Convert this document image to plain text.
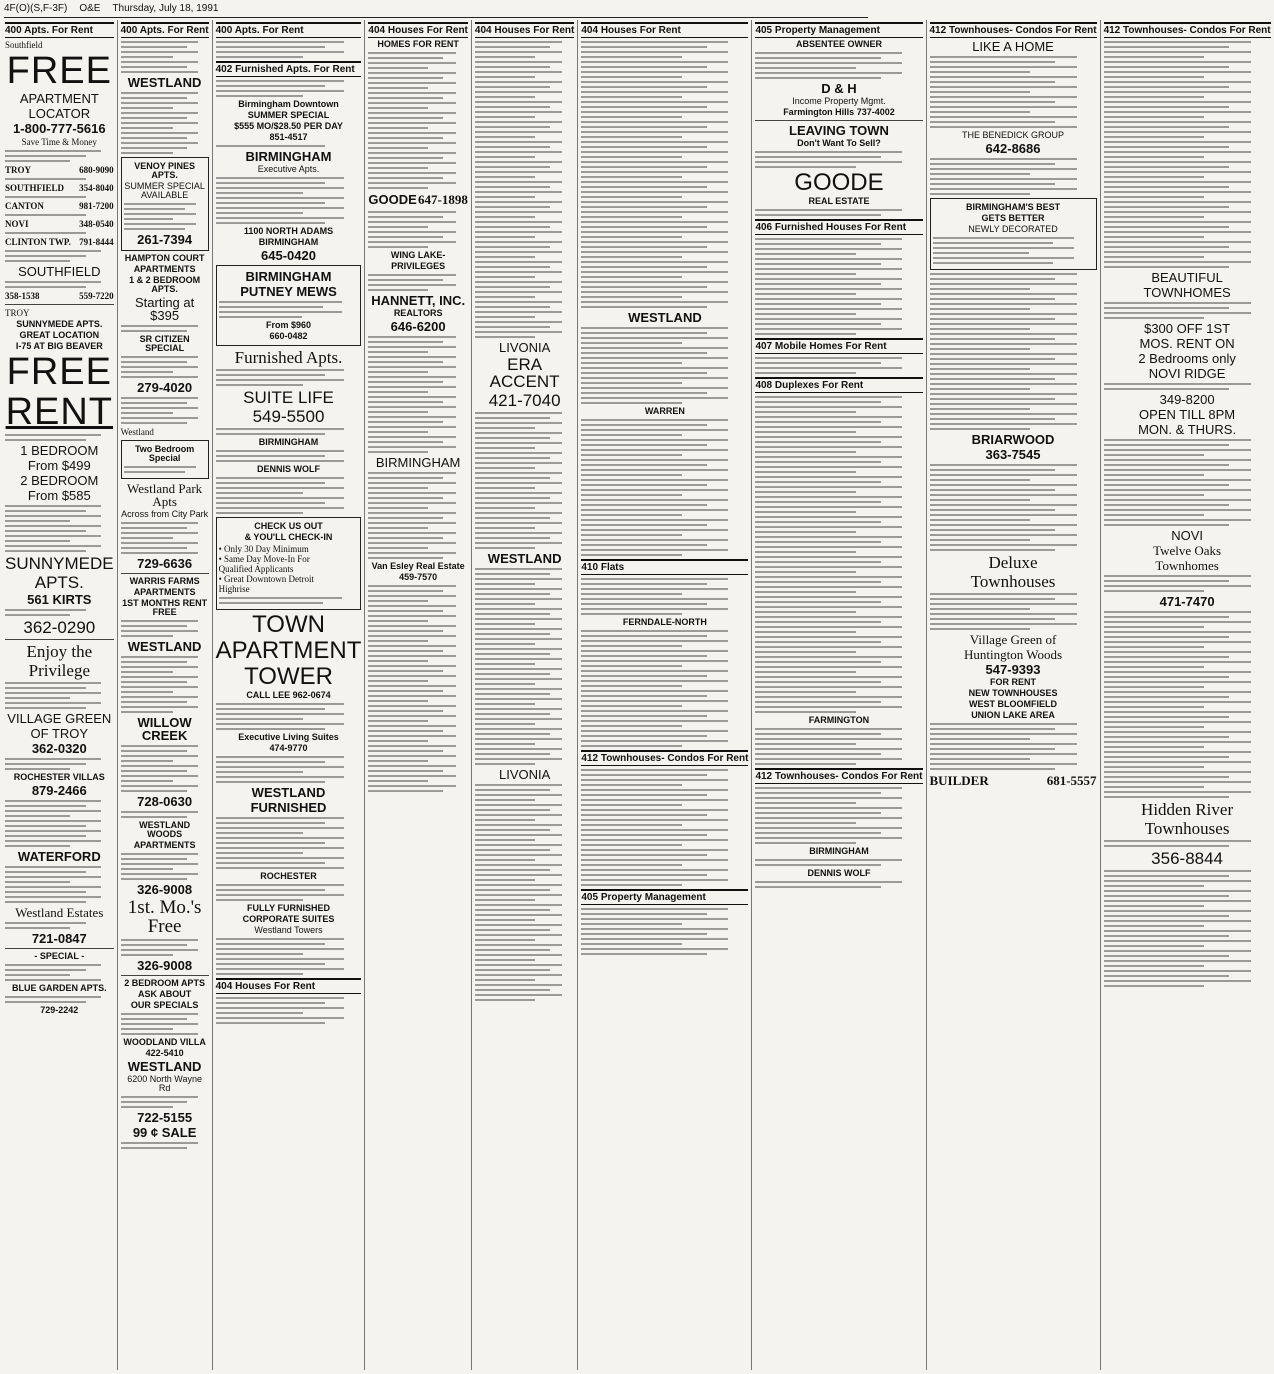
4F(O)(S,F-3F) O&E Thursday, July 18, 1991
400 Apts. For Rent
Southfield
FREE
APARTMENT
LOCATOR
1-800-777-5616
Save Time & Money
TROY	680-9090
SOUTHFIELD 354-8040
CANTON	981-7200
NOVI	348-0540
CLINTON TWP. 791-8444
SOUTHFIELD
358-1538	559-7220
TROY
SUNNYMEDE APTS.
GREAT LOCATION
I-75 AT BIG BEAVER
FREE
RENT
1 BEDROOM
From $499
2 BEDROOM
From $585
SUNNYMEDE
APTS.
561 KIRTS
362-0290
Enjoy the
Privilege
VILLAGE GREEN
OF TROY
362-0320
ROCHESTER VILLAS
879-2466
WATERFORD
Westland Estates
721-0847
- SPECIAL -
BLUE GARDEN APTS.
729-2242
400 Apts. For Rent
WESTLAND
VENOY PINES APTS.
SUMMER SPECIAL AVAILABLE
261-7394
HAMPTON COURT
APARTMENTS
1 & 2 BEDROOM APTS.
Starting at $395
SR CITIZEN SPECIAL
279-4020
Westland
Two Bedroom Special
Westland Park Apts
Across from City Park
729-6636
WARRIS FARMS
APARTMENTS
1ST MONTHS RENT FREE
WESTLAND
WILLOW CREEK
728-0630
WESTLAND WOODS
APARTMENTS
326-9008
1st. Mo.'s Free
326-9008
2 BEDROOM APTS
ASK ABOUT
OUR SPECIALS
WOODLAND VILLA
422-5410
WESTLAND
6200 North Wayne Rd
722-5155
99 ¢ SALE
400 Apts. For Rent
402 Furnished Apts. For Rent
Birmingham Downtown
SUMMER SPECIAL
$555 MO/$28.50 PER DAY
851-4517
BIRMINGHAM
Executive Apts.
1100 NORTH ADAMS
BIRMINGHAM
645-0420
BIRMINGHAM
PUTNEY MEWS
From $960
660-0482
Furnished Apts.
SUITE LIFE
549-5500
BIRMINGHAM
DENNIS WOLF
CHECK US OUT
& YOU'LL CHECK-IN
• Only 30 Day Minimum
• Same Day Move-In For
Qualified Applicants
• Great Downtown Detroit
Highrise
TOWN
APARTMENT
TOWER
CALL LEE 962-0674
Executive Living Suites
474-9770
WESTLAND
FURNISHED
ROCHESTER
FULLY FURNISHED
CORPORATE SUITES
Westland Towers
404 Houses For Rent
404 Houses For Rent
HOMES FOR RENT
GOODE 647-1898
WING LAKE-
PRIVILEGES
HANNETT, INC.
REALTORS
646-6200
BIRMINGHAM
Van Esley Real Estate
459-7570
404 Houses For Rent
LIVONIA
ERA ACCENT
421-7040
WESTLAND
LIVONIA
404 Houses For Rent
WESTLAND
WARREN
410 Flats
FERNDALE-NORTH
412 Townhouses- Condos For Rent
405 Property Management
405 Property Management
ABSENTEE OWNER
D & H
Income Property Mgmt.
Farmington Hills 737-4002
LEAVING TOWN
Don't Want To Sell?
GOODE
REAL ESTATE
406 Furnished Houses For Rent
407 Mobile Homes For Rent
408 Duplexes For Rent
FARMINGTON
412 Townhouses- Condos For Rent
BIRMINGHAM
DENNIS WOLF
412 Townhouses- Condos For Rent
LIKE A HOME
THE BENEDICK GROUP
642-8686
BIRMINGHAM'S BEST
GETS BETTER
NEWLY DECORATED
BRIARWOOD
363-7545
Deluxe
Townhouses
Village Green of
Huntington Woods
547-9393
FOR RENT
NEW TOWNHOUSES
WEST BLOOMFIELD
UNION LAKE AREA
BUILDER	681-5557
412 Townhouses- Condos For Rent
BEAUTIFUL
TOWNHOMES
$300 OFF 1ST
MOS. RENT ON
2 Bedrooms only
NOVI RIDGE
349-8200
OPEN TILL 8PM
MON. & THURS.
NOVI
Twelve Oaks
Townhomes
471-7470
Hidden River
Townhouses
356-8844
